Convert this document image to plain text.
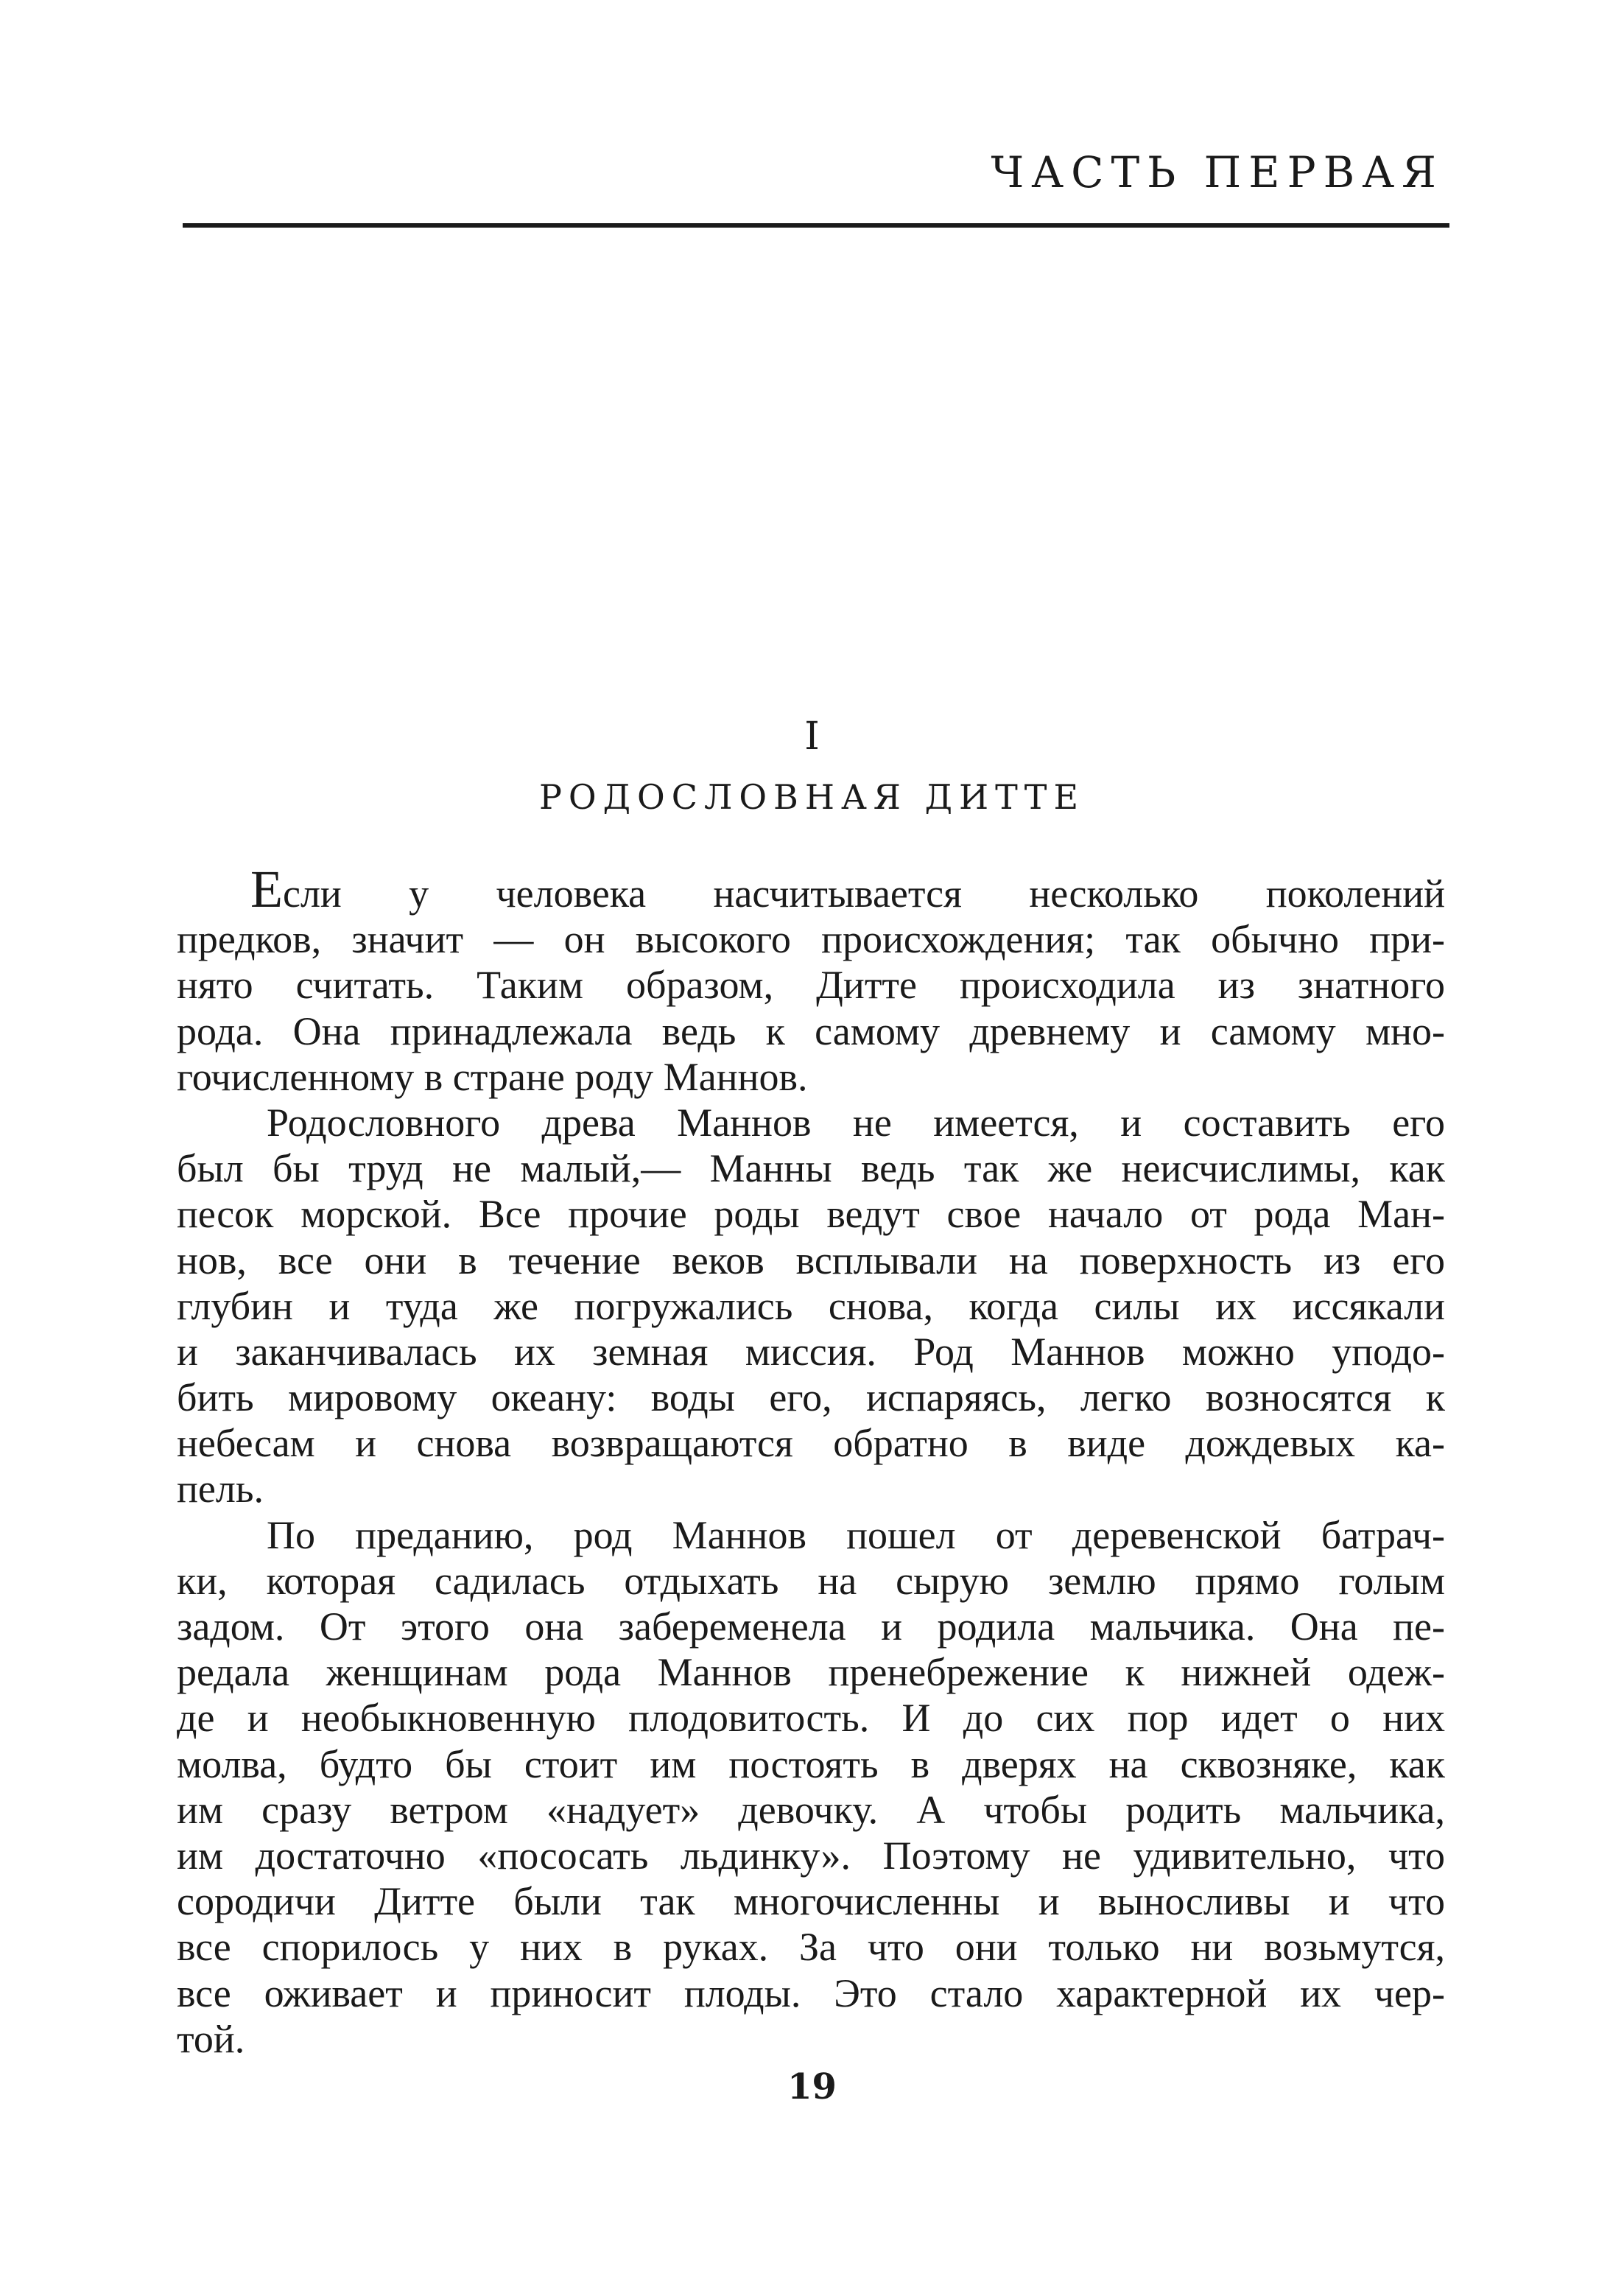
ЧАСТЬ ПЕРВАЯ
I
РОДОСЛОВНАЯ ДИТТЕ
Если у человека насчитывается несколько поколений
предков, значит — он высокого происхождения; так обычно при-
нято считать. Таким образом, Дитте происходила из знатного
рода. Она принадлежала ведь к самому древнему и самому мно-
гочисленному в стране роду Маннов.
Родословного древа Маннов не имеется, и составить его
был бы труд не малый,— Манны ведь так же неисчислимы, как
песок морской. Все прочие роды ведут свое начало от рода Ман-
нов, все они в течение веков всплывали на поверхность из его
глубин и туда же погружались снова, когда силы их иссякали
и заканчивалась их земная миссия. Род Маннов можно уподо-
бить мировому океану: воды его, испаряясь, легко возносятся к
небесам и снова возвращаются обратно в виде дождевых ка-
пель.
По преданию, род Маннов пошел от деревенской батрач-
ки, которая садилась отдыхать на сырую землю прямо голым
задом. От этого она забеременела и родила мальчика. Она пе-
редала женщинам рода Маннов пренебрежение к нижней одеж-
де и необыкновенную плодовитость. И до сих пор идет о них
молва, будто бы стоит им постоять в дверях на сквозняке, как
им сразу ветром «надует» девочку. А чтобы родить мальчика,
им достаточно «пососать льдинку». Поэтому не удивительно, что
сородичи Дитте были так многочисленны и выносливы и что
все спорилось у них в руках. За что они только ни возьмутся,
все оживает и приносит плоды. Это стало характерной их чер-
той.
19
